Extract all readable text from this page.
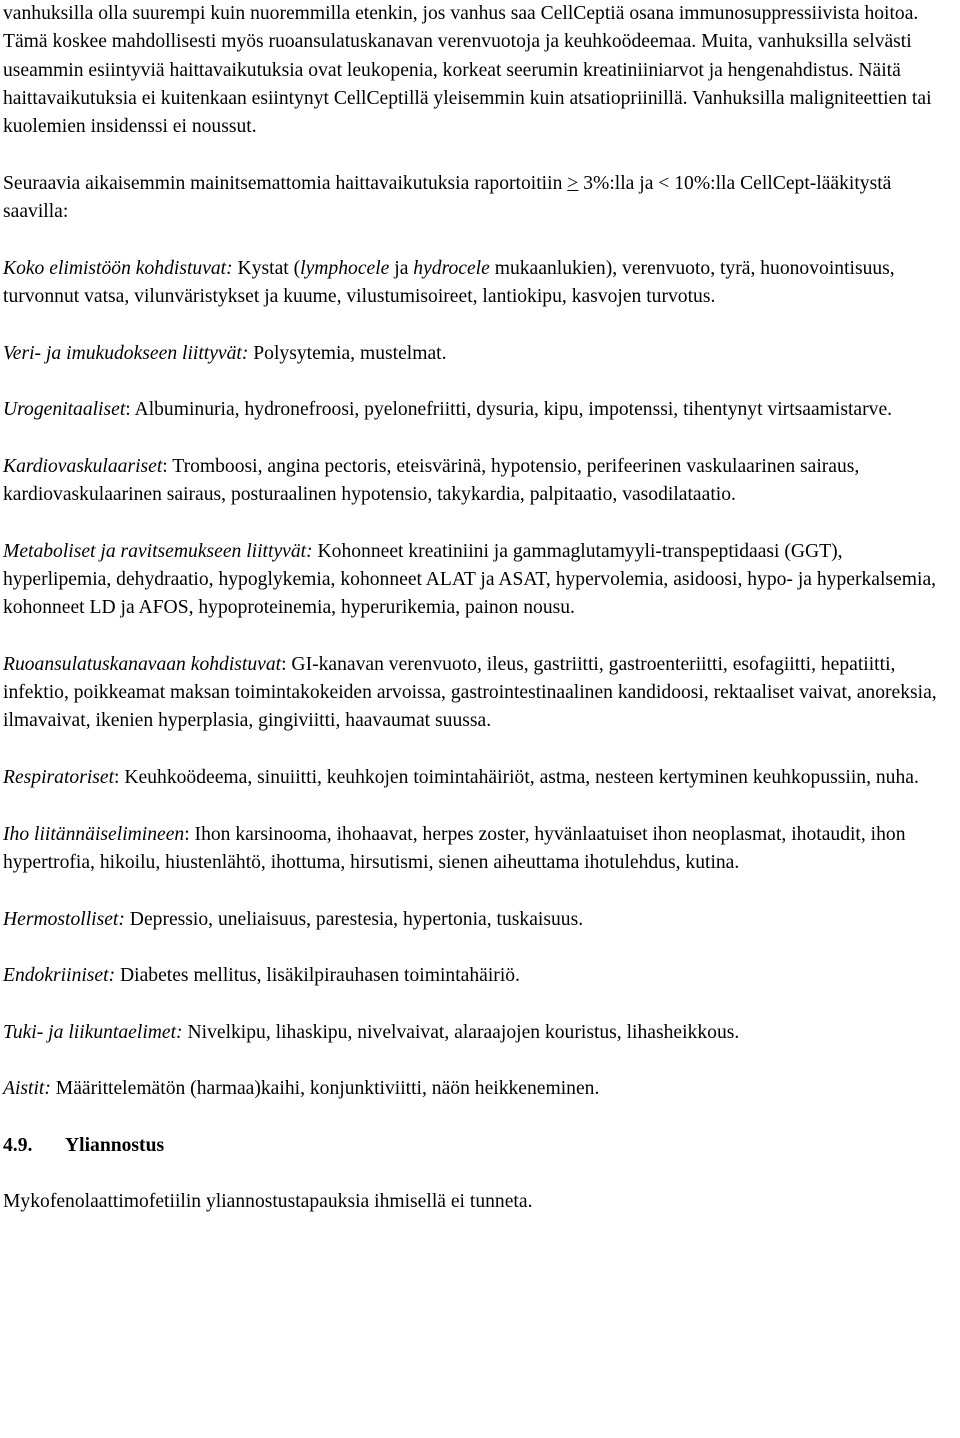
vanhuksilla olla suurempi kuin nuoremmilla etenkin, jos vanhus saa CellCeptiä osana immunosuppressiivista hoitoa. Tämä koskee mahdollisesti myös ruoansulatuskanavan verenvuotoja ja keuhkoödeemaa. Muita, vanhuksilla selvästi useammin esiintyviä haittavaikutuksia ovat leukopenia, korkeat seerumin kreatiniiniarvot ja hengenahdistus. Näitä haittavaikutuksia ei kuitenkaan esiintynyt CellCeptillä yleisemmin kuin atsatiopriinillä. Vanhuksilla maligniteettien tai kuolemien insidenssi ei noussut.

Seuraavia aikaisemmin mainitsemattomia haittavaikutuksia raportoitiin ≥ 3%:lla ja < 10%:lla CellCept-lääkitystä saavilla:

Koko elimistöön kohdistuvat: Kystat (lymphocele ja hydrocele mukaanlukien), verenvuoto, tyrä, huonovointisuus, turvonnut vatsa, vilunväristykset ja kuume, vilustumisoireet, lantiokipu, kasvojen turvotus.

Veri- ja imukudokseen liittyvät: Polysytemia, mustelmat.

Urogenitaaliset: Albuminuria, hydronefroosi, pyelonefriitti, dysuria, kipu, impotenssi, tihentynyt virtsaamistarve.

Kardiovaskulaariset: Tromboosi, angina pectoris, eteisvärinä, hypotensio, perifeerinen vaskulaarinen sairaus, kardiovaskulaarinen sairaus, posturaalinen hypotensio, takykardia, palpitaatio, vasodilataatio.

Metaboliset ja ravitsemukseen liittyvät: Kohonneet kreatiniini ja gammaglutamyyli-transpeptidaasi (GGT), hyperlipemia, dehydraatio, hypoglykemia, kohonneet ALAT ja ASAT, hypervolemia, asidoosi, hypo- ja hyperkalsemia, kohonneet LD ja AFOS, hypoproteinemia, hyperurikemia, painon nousu.

Ruoansulatuskanavaan kohdistuvat: GI-kanavan verenvuoto, ileus, gastriitti, gastroenteriitti, esofagiitti, hepatiitti, infektio, poikkeamat maksan toimintakokeiden arvoissa, gastrointestinaalinen kandidoosi, rektaaliset vaivat, anoreksia, ilmavaivat, ikenien hyperplasia, gingiviitti, haavaumat suussa.

Respiratoriset: Keuhkoödeema, sinuiitti, keuhkojen toimintahäiriöt, astma, nesteen kertyminen keuhkopussiin, nuha.

Iho liitännäiselimineen: Ihon karsinooma, ihohaavat, herpes zoster, hyvänlaatuiset ihon neoplasmat, ihotaudit, ihon hypertrofia, hikoilu, hiustenlähtö, ihottuma, hirsutismi, sienen aiheuttama ihotulehdus, kutina.

Hermostolliset: Depressio, uneliaisuus, parestesia, hypertonia, tuskaisuus.

Endokriiniset: Diabetes mellitus, lisäkilpirauhasen toimintahäiriö.

Tuki- ja liikuntaelimet: Nivelkipu, lihaskipu, nivelvaivat, alaraajojen kouristus, lihasheikkous.

Aistit: Määrittelemätön (harmaa)kaihi, konjunktiviitti, näön heikkeneminen.

4.9. Yliannostus

Mykofenolaattimofetiilin yliannostustapauksia ihmisellä ei tunneta.
